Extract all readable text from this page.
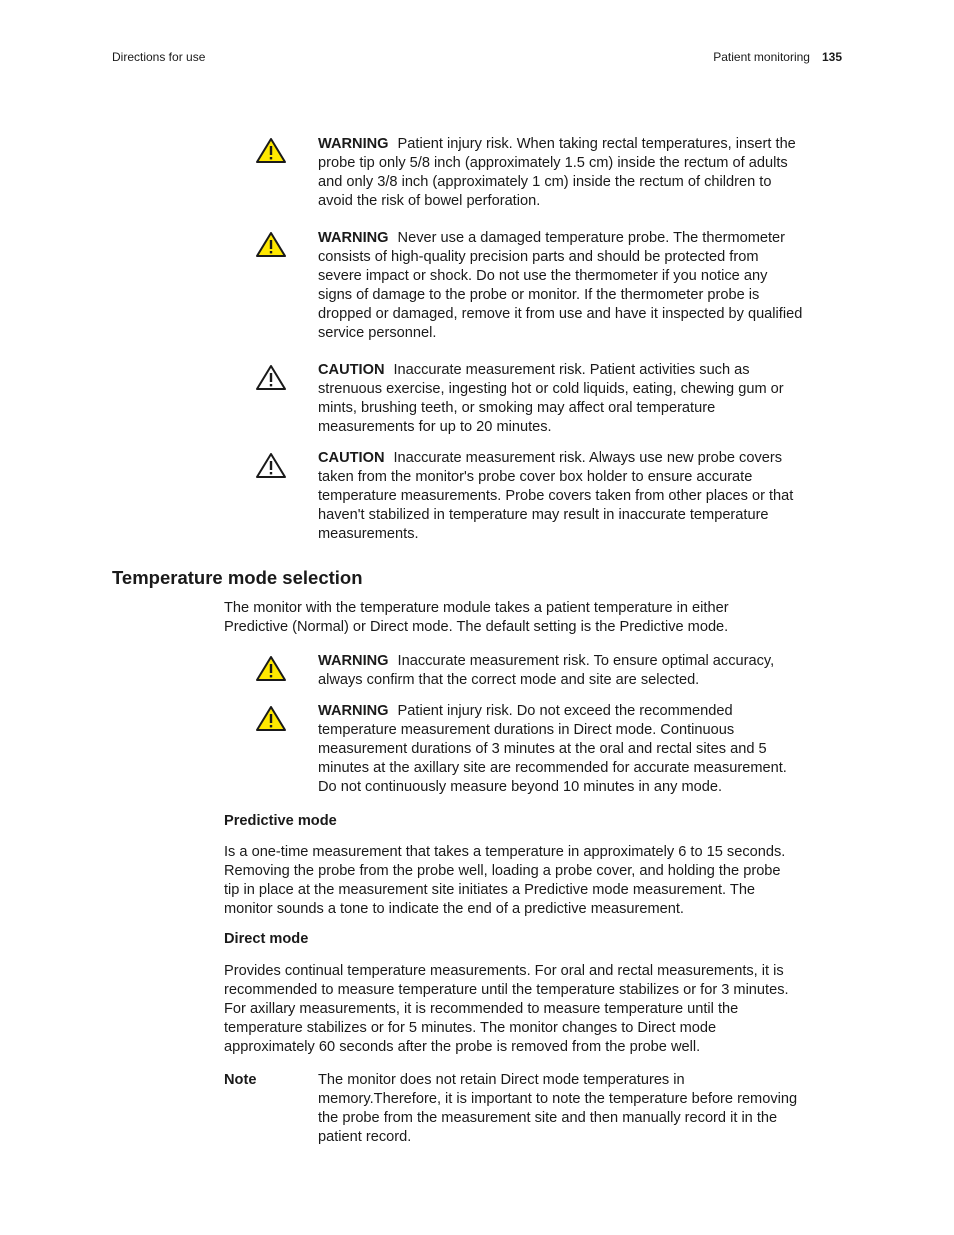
Directions for use	Patient monitoring 135
WARNING Patient injury risk. When taking rectal temperatures, insert the
probe tip only 5/8 inch (approximately 1.5 cm) inside the rectum of adults
and only 3/8 inch (approximately 1 cm) inside the rectum of children to
avoid the risk of bowel perforation.
WARNING Never use a damaged temperature probe. The thermometer
consists of high-quality precision parts and should be protected from
severe impact or shock. Do not use the thermometer if you notice any
signs of damage to the probe or monitor. If the thermometer probe is
dropped or damaged, remove it from use and have it inspected by qualified
service personnel.
CAUTION Inaccurate measurement risk. Patient activities such as
strenuous exercise, ingesting hot or cold liquids, eating, chewing gum or
mints, brushing teeth, or smoking may affect oral temperature
measurements for up to 20 minutes.
CAUTION Inaccurate measurement risk. Always use new probe covers
taken from the monitor's probe cover box holder to ensure accurate
temperature measurements. Probe covers taken from other places or that
haven't stabilized in temperature may result in inaccurate temperature
measurements.
Temperature mode selection
The monitor with the temperature module takes a patient temperature in either
Predictive (Normal) or Direct mode. The default setting is the Predictive mode.
WARNING Inaccurate measurement risk. To ensure optimal accuracy,
always confirm that the correct mode and site are selected.
WARNING Patient injury risk. Do not exceed the recommended
temperature measurement durations in Direct mode. Continuous
measurement durations of 3 minutes at the oral and rectal sites and 5
minutes at the axillary site are recommended for accurate measurement.
Do not continuously measure beyond 10 minutes in any mode.
Predictive mode
Is a one-time measurement that takes a temperature in approximately 6 to 15 seconds.
Removing the probe from the probe well, loading a probe cover, and holding the probe
tip in place at the measurement site initiates a Predictive mode measurement. The
monitor sounds a tone to indicate the end of a predictive measurement.
Direct mode
Provides continual temperature measurements. For oral and rectal measurements, it is
recommended to measure temperature until the temperature stabilizes or for 3 minutes.
For axillary measurements, it is recommended to measure temperature until the
temperature stabilizes or for 5 minutes. The monitor changes to Direct mode
approximately 60 seconds after the probe is removed from the probe well.
Note	The monitor does not retain Direct mode temperatures in
memory.Therefore, it is important to note the temperature before removing
the probe from the measurement site and then manually record it in the
patient record.
